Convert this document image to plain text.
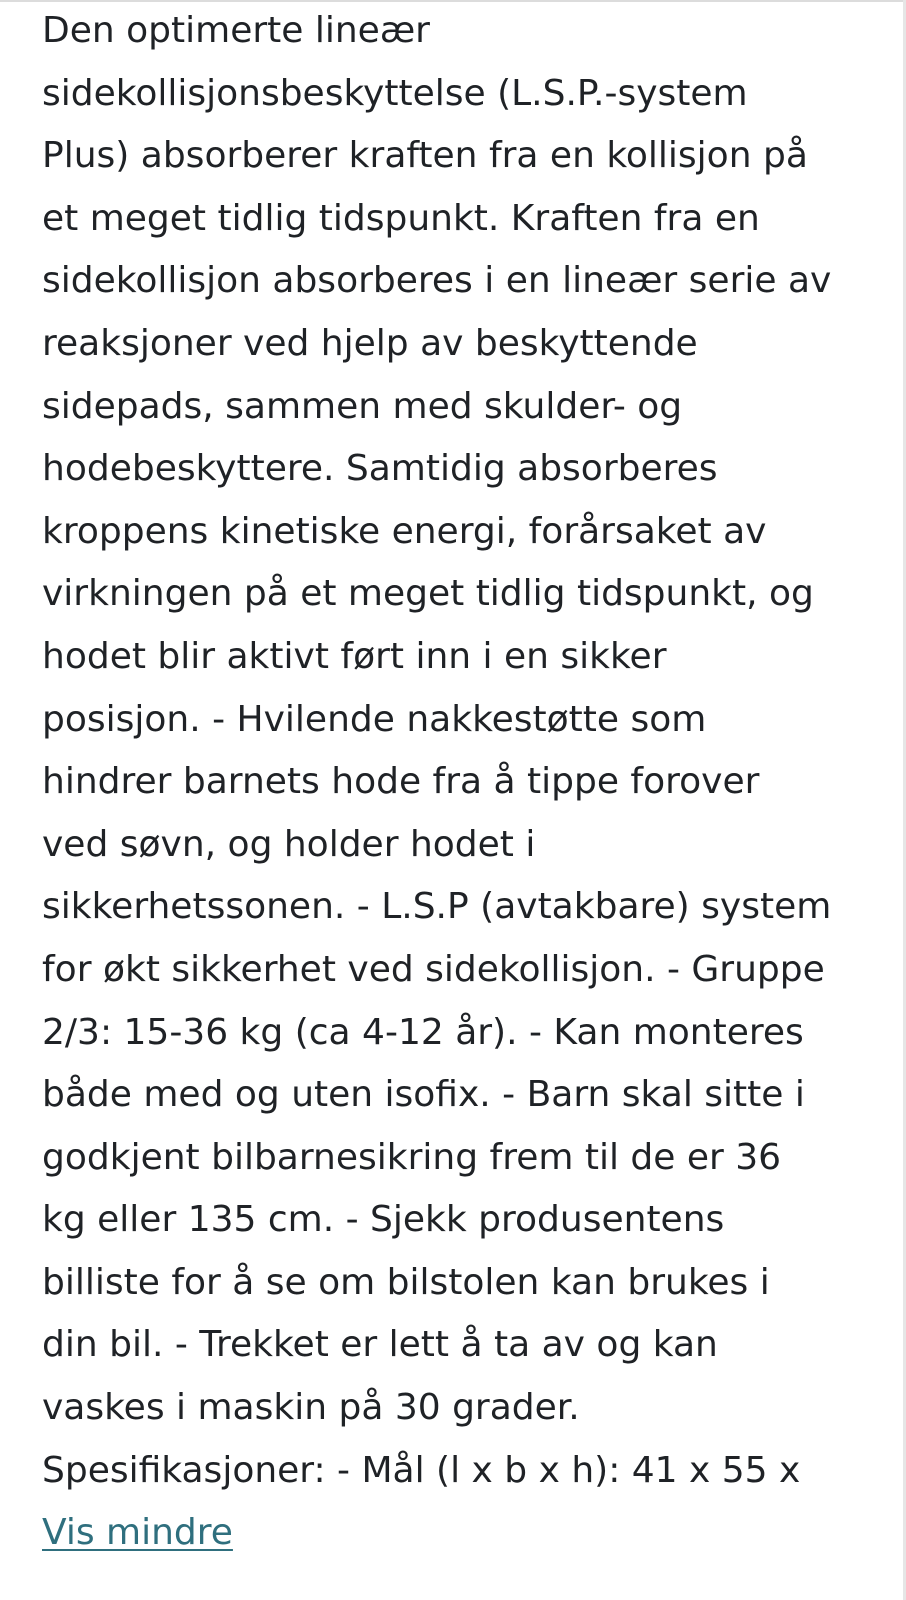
Den optimerte lineær
sidekollisjonsbeskyttelse (L.S.P.-system
Plus) absorberer kraften fra en kollisjon på
et meget tidlig tidspunkt. Kraften fra en
sidekollisjon absorberes i en lineær serie av
reaksjoner ved hjelp av beskyttende
sidepads, sammen med skulder- og
hodebeskyttere. Samtidig absorberes
kroppens kinetiske energi, forårsaket av
virkningen på et meget tidlig tidspunkt, og
hodet blir aktivt ført inn i en sikker
posisjon. - Hvilende nakkestøtte som
hindrer barnets hode fra å tippe forover
ved søvn, og holder hodet i
sikkerhetssonen. - L.S.P (avtakbare) system
for økt sikkerhet ved sidekollisjon. - Gruppe
2/3: 15-36 kg (ca 4-12 år). - Kan monteres
både med og uten isofix. - Barn skal sitte i
godkjent bilbarnesikring frem til de er 36
kg eller 135 cm. - Sjekk produsentens
billiste for å se om bilstolen kan brukes i
din bil. - Trekket er lett å ta av og kan
vaskes i maskin på 30 grader.
Spesifikasjoner: - Mål (l x b x h): 41 x 55 x
Vis mindre
